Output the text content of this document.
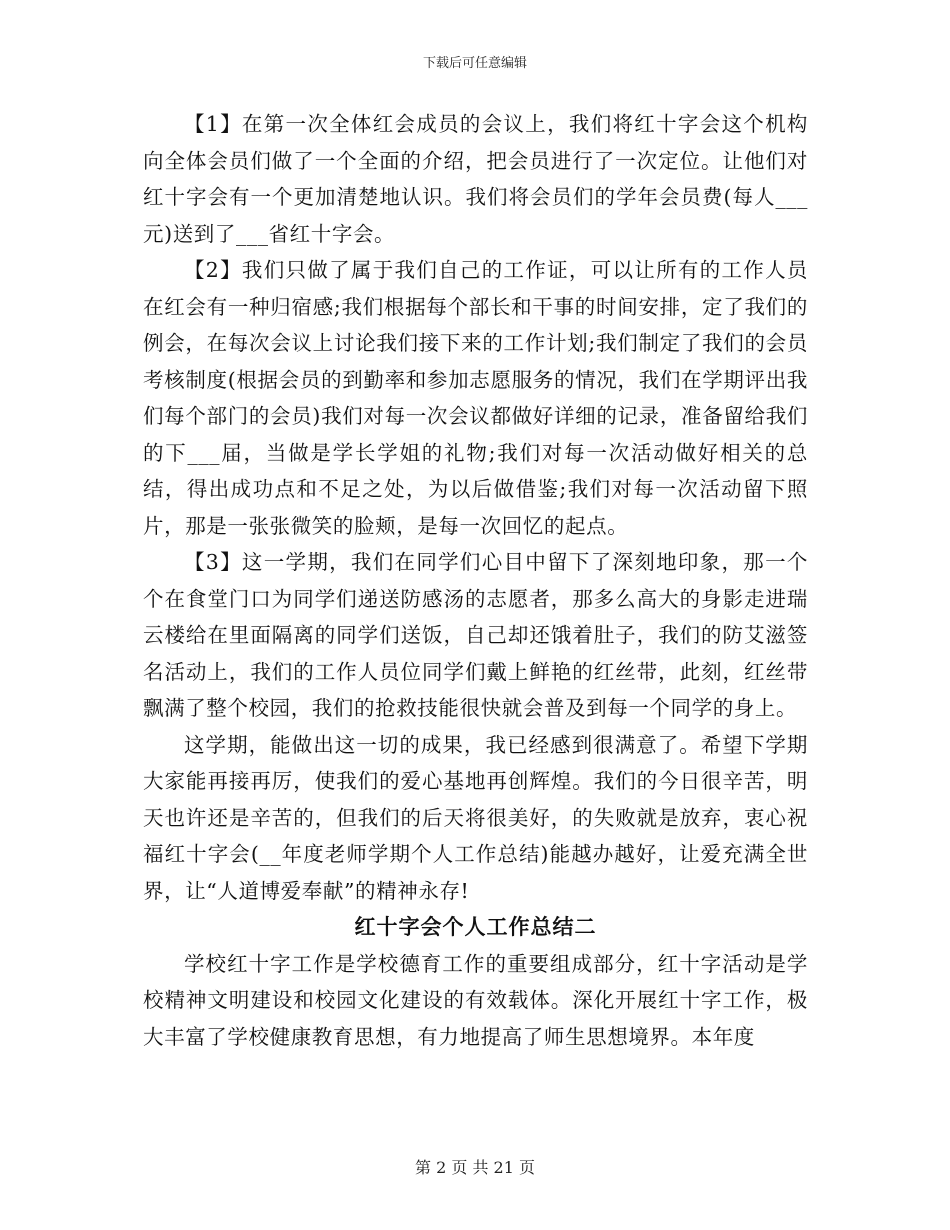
下载后可任意编辑

【1】在第一次全体红会成员的会议上，我们将红十字会这个机构向全体会员们做了一个全面的介绍，把会员进行了一次定位。让他们对红十字会有一个更加清楚地认识。我们将会员们的学年会员费(每人___元)送到了___省红十字会。

【2】我们只做了属于我们自己的工作证，可以让所有的工作人员在红会有一种归宿感;我们根据每个部长和干事的时间安排，定了我们的例会，在每次会议上讨论我们接下来的工作计划;我们制定了我们的会员考核制度(根据会员的到勤率和参加志愿服务的情况，我们在学期评出我们每个部门的会员)我们对每一次会议都做好详细的记录，准备留给我们的下___届，当做是学长学姐的礼物;我们对每一次活动做好相关的总结，得出成功点和不足之处，为以后做借鉴;我们对每一次活动留下照片，那是一张张微笑的脸颊，是每一次回忆的起点。

【3】这一学期，我们在同学们心目中留下了深刻地印象，那一个个在食堂门口为同学们递送防感汤的志愿者，那多么高大的身影走进瑞云楼给在里面隔离的同学们送饭，自己却还饿着肚子，我们的防艾滋签名活动上，我们的工作人员位同学们戴上鲜艳的红丝带，此刻，红丝带飘满了整个校园，我们的抢救技能很快就会普及到每一个同学的身上。

这学期，能做出这一切的成果，我已经感到很满意了。希望下学期大家能再接再厉，使我们的爱心基地再创辉煌。我们的今日很辛苦，明天也许还是辛苦的，但我们的后天将很美好，的失败就是放弃，衷心祝福红十字会(__年度老师学期个人工作总结)能越办越好，让爱充满全世界，让“人道博爱奉献”的精神永存!

红十字会个人工作总结二

学校红十字工作是学校德育工作的重要组成部分，红十字活动是学校精神文明建设和校园文化建设的有效载体。深化开展红十字工作，极大丰富了学校健康教育思想，有力地提高了师生思想境界。本年度

第 2 页 共 21 页
